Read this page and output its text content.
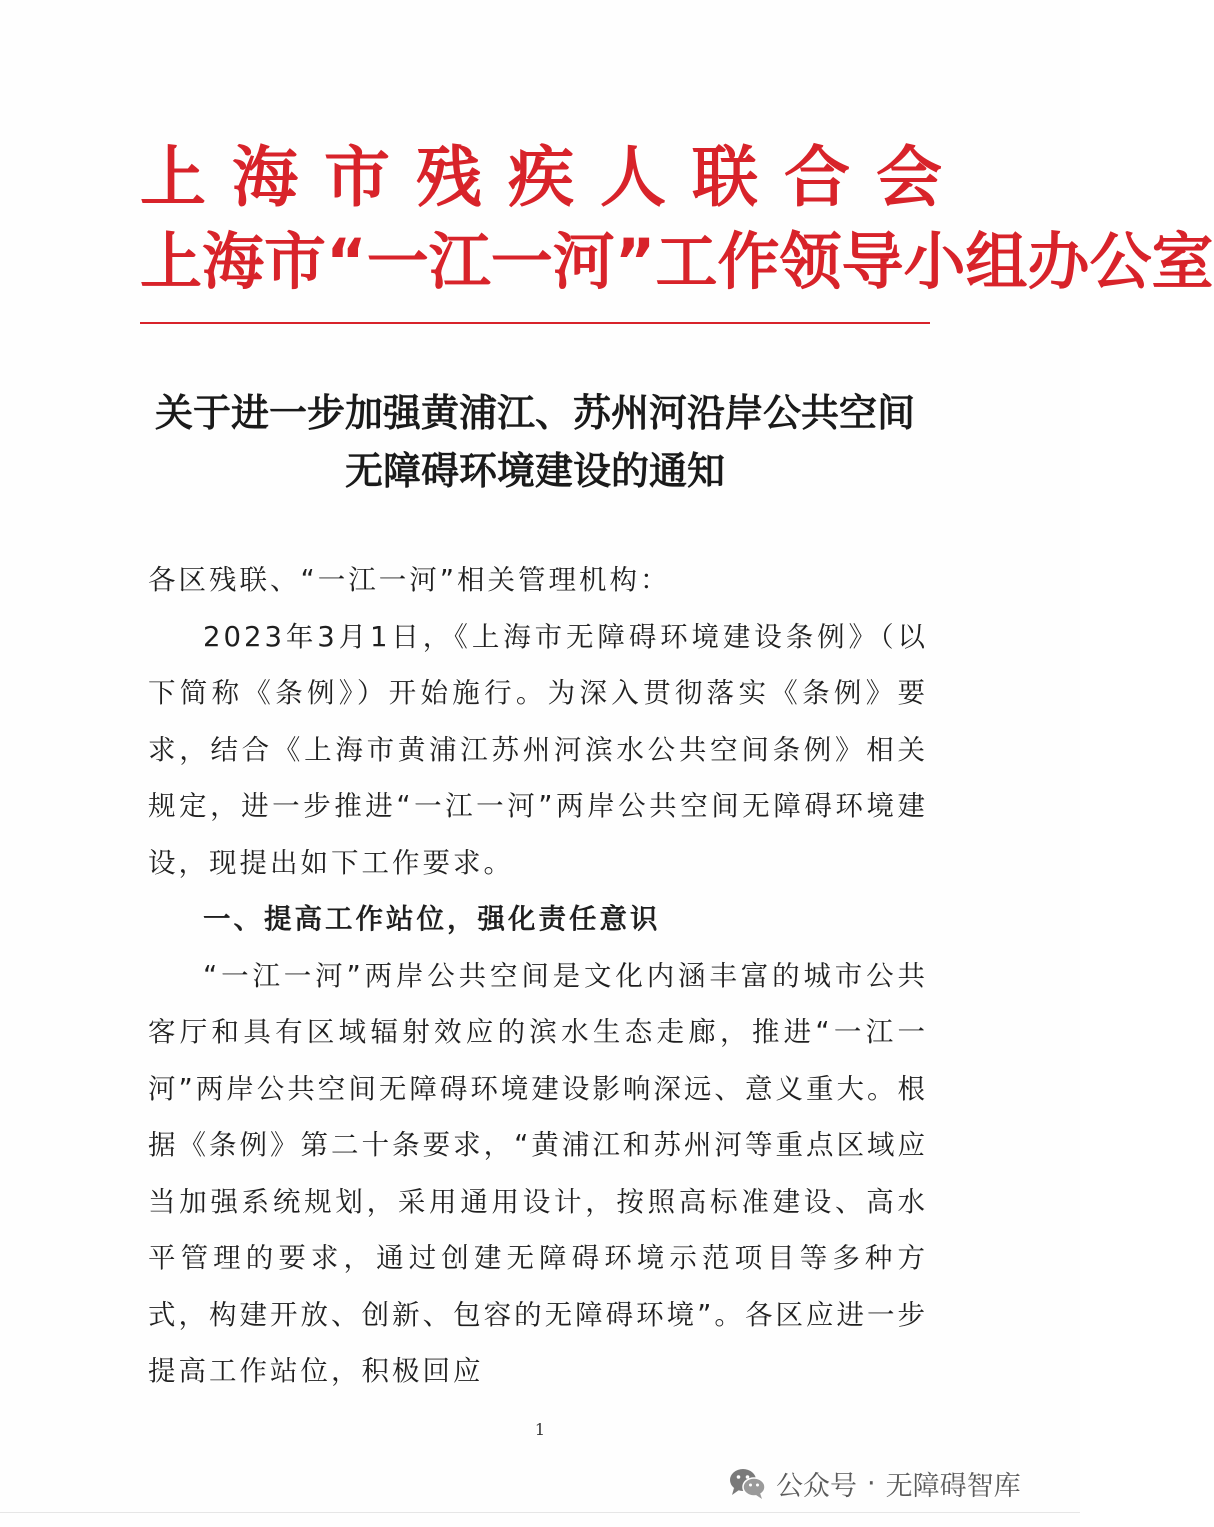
上海市残疾人联合会
上海市“一江一河”工作领导小组办公室
关于进一步加强黄浦江、苏州河沿岸公共空间
无障碍环境建设的通知

各区残联、“一江一河”相关管理机构：

2023年3月1日，《上海市无障碍环境建设条例》（以下简称《条例》）开始施行。为深入贯彻落实《条例》要求，结合《上海市黄浦江苏州河滨水公共空间条例》相关规定，进一步推进“一江一河”两岸公共空间无障碍环境建设，现提出如下工作要求。

一、提高工作站位，强化责任意识

“一江一河”两岸公共空间是文化内涵丰富的城市公共客厅和具有区域辐射效应的滨水生态走廊，推进“一江一河”两岸公共空间无障碍环境建设影响深远、意义重大。根据《条例》第二十条要求，“黄浦江和苏州河等重点区域应当加强系统规划，采用通用设计，按照高标准建设、高水平管理的要求，通过创建无障碍环境示范项目等多种方式，构建开放、创新、包容的无障碍环境”。各区应进一步提高工作站位，积极回应

1
公众号 · 无障碍智库
